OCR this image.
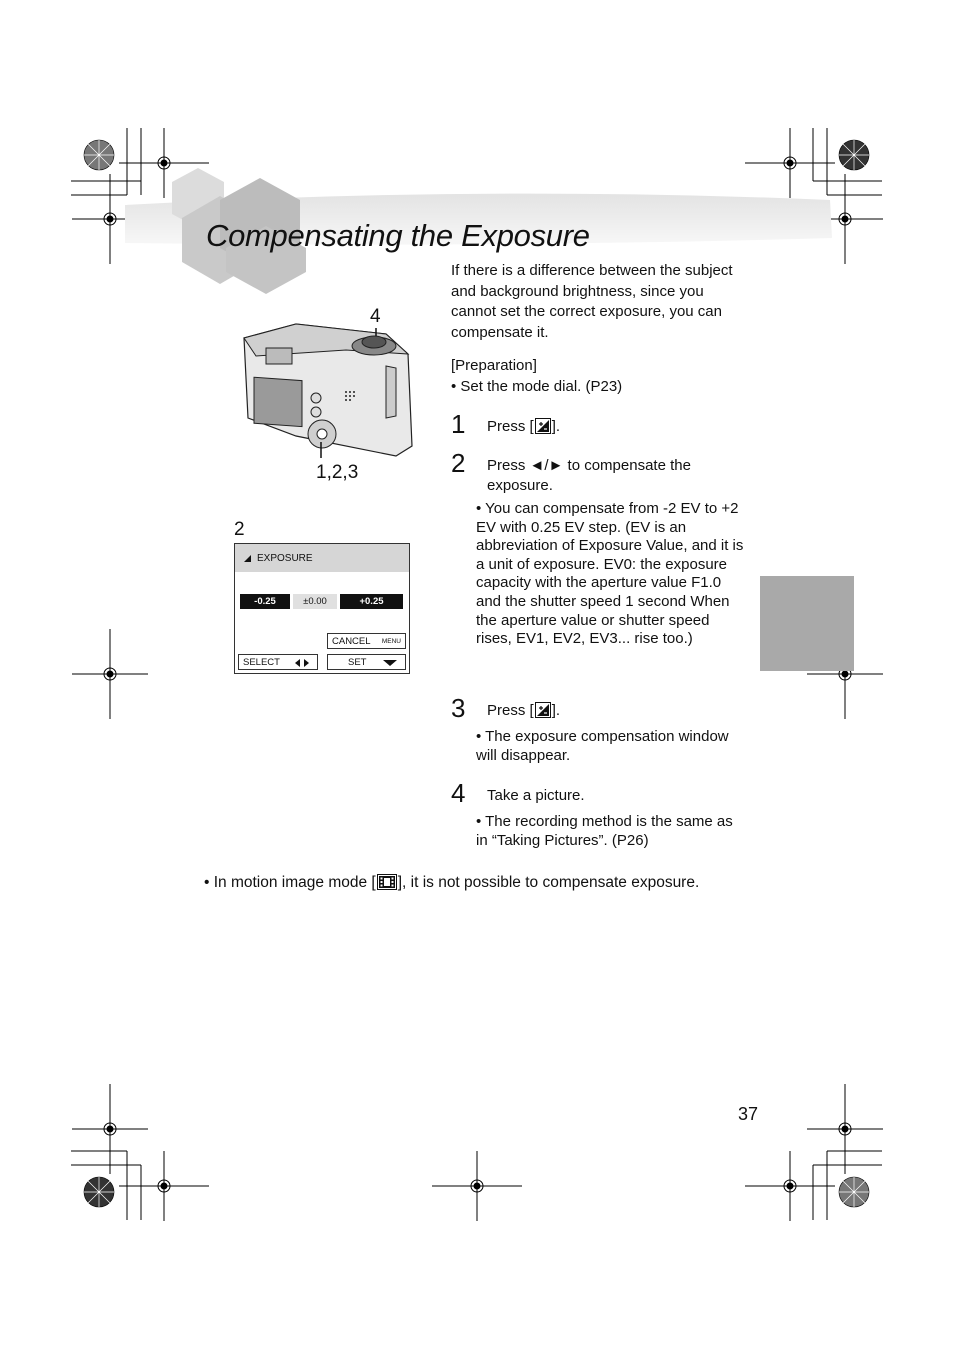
Compensating the Exposure
4
1,2,3
2
EXPOSURE
-0.25	±0.00	+0.25
CANCEL MENU
SELECT	SET
If there is a difference between the subject and background brightness, since you cannot set the correct exposure, you can compensate it.
[Preparation]
• Set the mode dial. (P23)
1 Press [ ].
2 Press ◄/► to compensate the exposure.
• You can compensate from -2 EV to +2 EV with 0.25 EV step. (EV is an abbreviation of Exposure Value, and it is a unit of exposure. EV0: the exposure capacity with the aperture value F1.0 and the shutter speed 1 second When the aperture value or shutter speed rises, EV1, EV2, EV3... rise too.)
3 Press [ ].
• The exposure compensation window will disappear.
4 Take a picture.
• The recording method is the same as in “Taking Pictures”. (P26)
• In motion image mode [ ], it is not possible to compensate exposure.
37
